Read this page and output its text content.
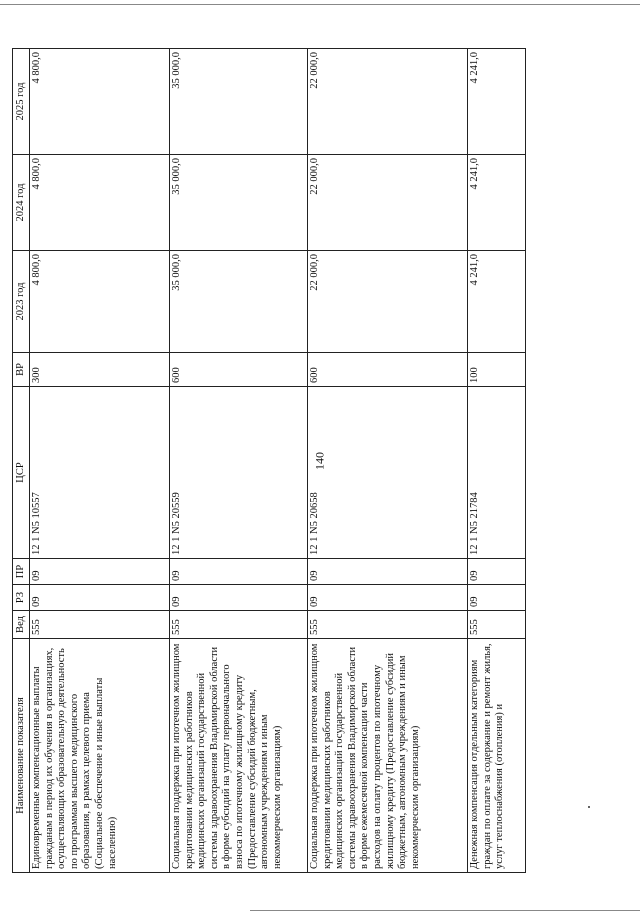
140
Наименование показателя	Вед	РЗ	ПР	ЦСР	ВР	2023 год	2024 год	2025 год
Единовременные компенсационные выплаты гражданам в период их обучения в организациях, осуществляющих образовательную деятельность по программам высшего медицинского образования, в рамках целевого приема (Социальное обеспечение и иные выплаты населению)	555	09	09	12 1 N5 10557	300	4 800,0	4 800,0	4 800,0
Социальная поддержка при ипотечном жилищном кредитовании медицинских работников медицинских организаций государственной системы здравоохранения Владимирской области в форме субсидий на уплату первоначального взноса по ипотечному жилищному кредиту (Предоставление субсидий бюджетным, автономным учреждениям и иным некоммерческим организациям)	555	09	09	12 1 N5 20559	600	35 000,0	35 000,0	35 000,0
Социальная поддержка при ипотечном жилищном кредитовании медицинских работников медицинских организаций государственной системы здравоохранения Владимирской области в форме ежемесячной компенсации части расходов на оплату процентов по ипотечному жилищному кредиту (Предоставление субсидий бюджетным, автономным учреждениям и иным некоммерческим организациям)	555	09	09	12 1 N5 20658	600	22 000,0	22 000,0	22 000,0
Денежная компенсация отдельным категориям граждан по оплате за содержание и ремонт жилья, услуг теплоснабжения (отопления) и	555	09	09	12 1 N5 21784	100	4 241,0	4 241,0	4 241,0
